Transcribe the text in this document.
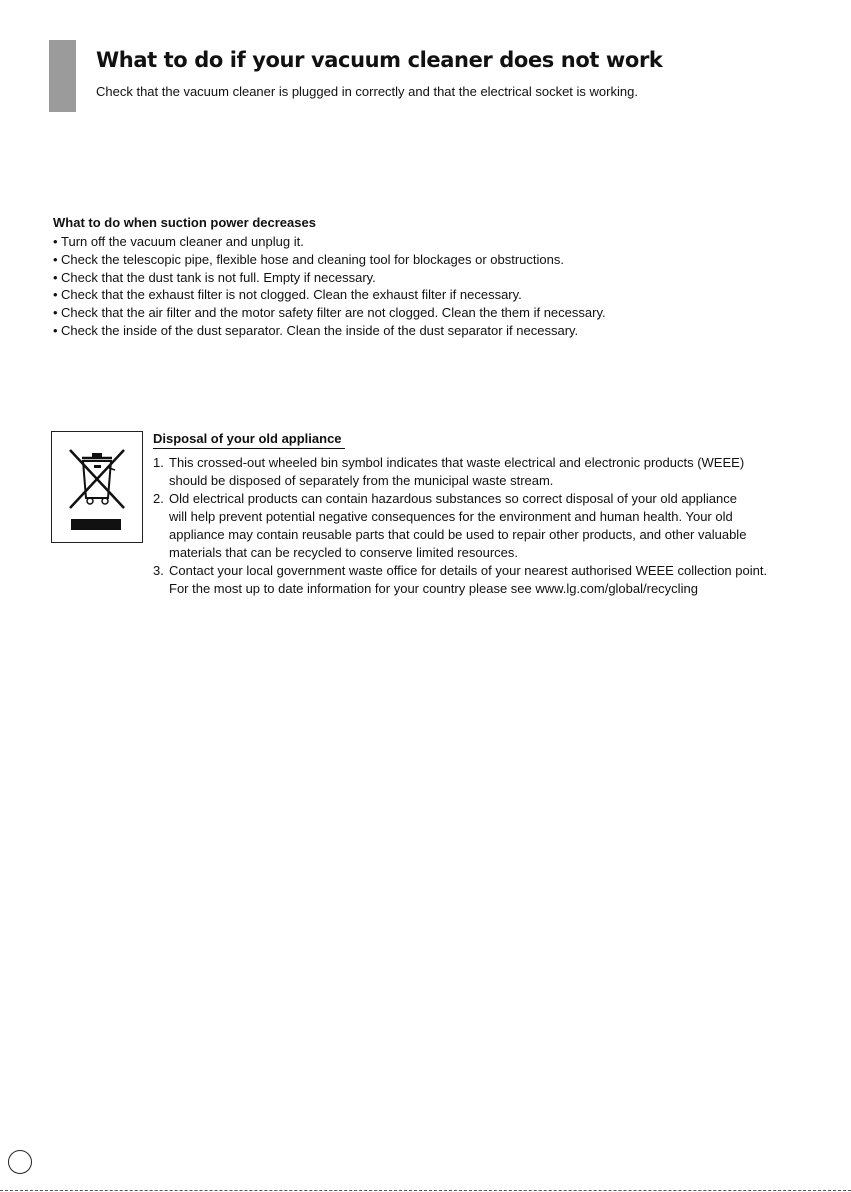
What to do if your vacuum cleaner does not work

Check that the vacuum cleaner is plugged in correctly and that the electrical socket is working.

What to do when suction power decreases
• Turn off the vacuum cleaner and unplug it.
• Check the telescopic pipe, flexible hose and cleaning tool for blockages or obstructions.
• Check that the dust tank is not full. Empty if necessary.
• Check that the exhaust filter is not clogged. Clean the exhaust filter if necessary.
• Check that the air filter and the motor safety filter are not clogged. Clean the them if necessary.
• Check the inside of the dust separator. Clean the inside of the dust separator if necessary.
Disposal of your old appliance
1. This crossed-out wheeled bin symbol indicates that waste electrical and electronic products (WEEE)
should be disposed of separately from the municipal waste stream.
2. Old electrical products can contain hazardous substances so correct disposal of your old appliance
will help prevent potential negative consequences for the environment and human health. Your old
appliance may contain reusable parts that could be used to repair other products, and other valuable
materials that can be recycled to conserve limited resources.
3. Contact your local government waste office for details of your nearest authorised WEEE collection point.
For the most up to date information for your country please see www.lg.com/global/recycling
